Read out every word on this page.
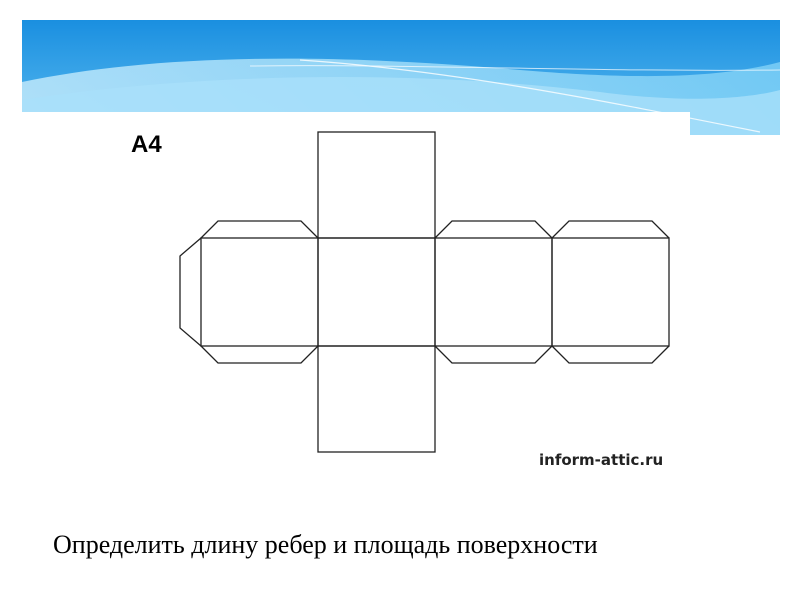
А4
inform-attic.ru
Определить длину ребер и площадь поверхности
